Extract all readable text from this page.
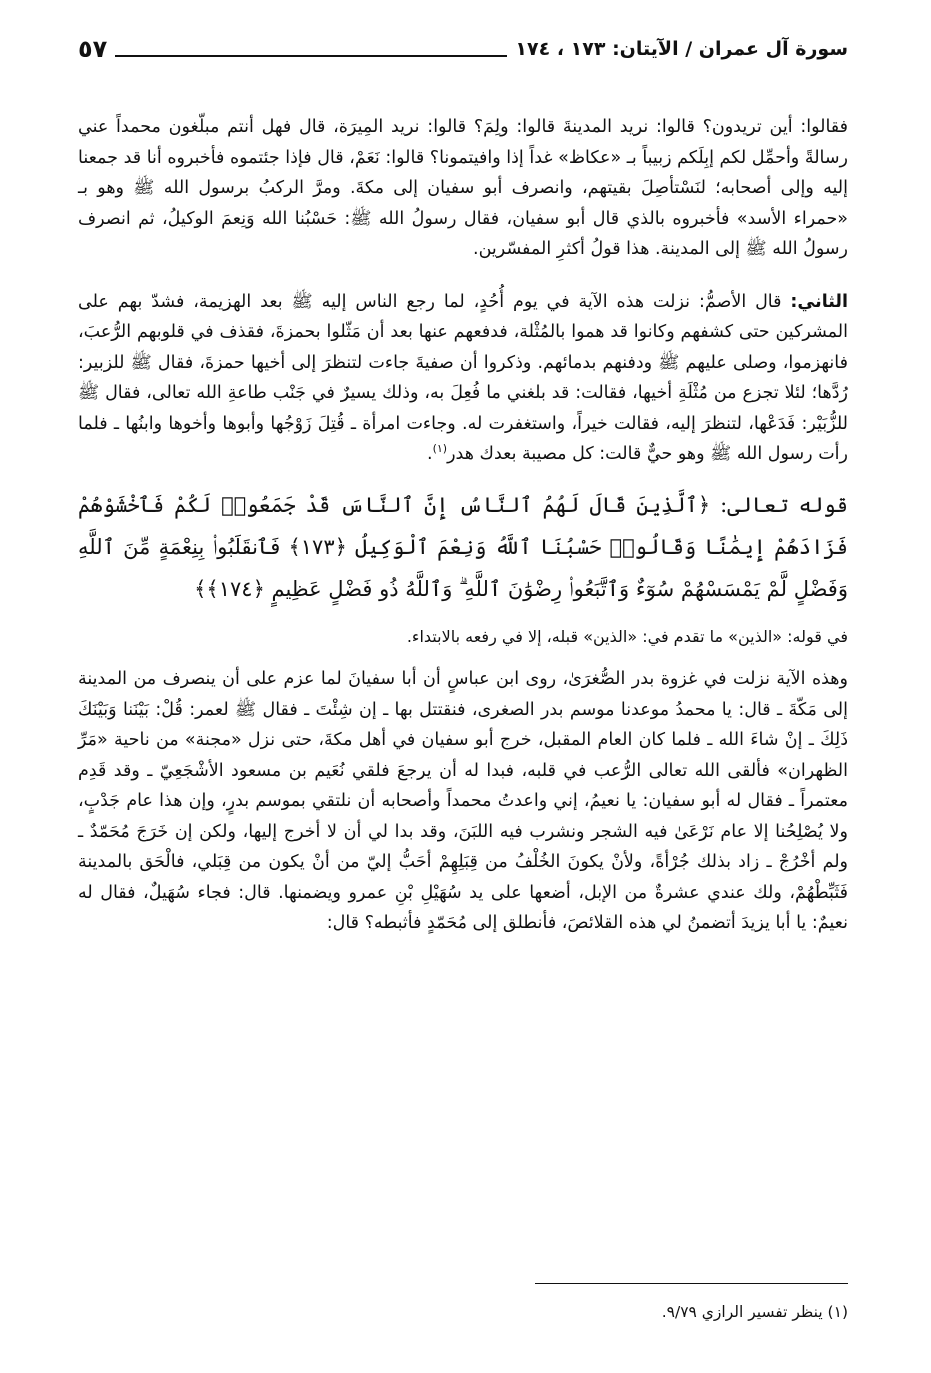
سورة آل عمران / الآيتان: ١٧٣ ، ١٧٤
٥٧

فقالوا: أين تريدون؟ قالوا: نريد المدينةَ قالوا: ولِمَ؟ قالوا: نريد المِيرَة، قال فهل أنتم مبلّغون محمداً عني رسالةً وأحمِّل لكم إبِلَكم زبيباً بـ «عكاظ» غداً إذا وافيتمونا؟ قالوا: نَعَمْ، قال فإذا جئتموه فأخبروه أنا قد جمعنا إليه وإلى أصحابه؛ لنَسْتأصِلَ بقيتهم، وانصرف أبو سفيان إلى مكةَ. ومرَّ الركبُ برسول الله ﷺ وهو بـ «حمراء الأسد» فأخبروه بالذي قال أبو سفيان، فقال رسولُ الله ﷺ: حَسْبُنا الله وَنِعمَ الوكيلُ، ثم انصرف رسولُ الله ﷺ إلى المدينة. هذا قولُ أكثرِ المفسّرين.

الثاني: قال الأصمُّ: نزلت هذه الآية في يوم أُحُدٍ، لما رجع الناس إليه ﷺ بعد الهزيمة، فشدّ بهم على المشركين حتى كشفهم وكانوا قد هموا بالمُثْلة، فدفعهم عنها بعد أن مَثّلوا بحمزةَ، فقذف في قلوبهم الرُّعبَ، فانهزموا، وصلى عليهم ﷺ ودفنهم بدمائهم. وذكروا أن صفيةَ جاءت لتنظرَ إلى أخيها حمزةَ، فقال ﷺ للزبير: رُدَّها؛ لئلا تجزع من مُثْلَةِ أخيها، فقالت: قد بلغني ما فُعِلَ به، وذلك يسيرٌ في جَنْب طاعةِ الله تعالى، فقال ﷺ للزُّبَيْر: فَدَعْها، لتنظرَ إليه، فقالت خيراً، واستغفرت له. وجاءت امرأة ـ قُتِلَ زَوْجُها وأبوها وأخوها وابنُها ـ فلما رأت رسول الله ﷺ وهو حيٌّ قالت: كل مصيبة بعدك هدر$^{(١)}$.

قوله تعالى: ﴿ٱلَّذِينَ قَالَ لَهُمُ ٱلنَّاسُ إِنَّ ٱلنَّاسَ قَدْ جَمَعُوا۟ لَكُمْ فَٱخْشَوْهُمْ فَزَادَهُمْ إِيمَٰنًا وَقَالُوا۟ حَسْبُنَا ٱللَّهُ وَنِعْمَ ٱلْوَكِيلُ ﴿١٧٣﴾ فَٱنقَلَبُوا۟ بِنِعْمَةٍ مِّنَ ٱللَّهِ وَفَضْلٍ لَّمْ يَمْسَسْهُمْ سُوٓءٌ وَٱتَّبَعُوا۟ رِضْوَٰنَ ٱللَّهِ ۗ وَٱللَّهُ ذُو فَضْلٍ عَظِيمٍ ﴿١٧٤﴾﴾

في قوله: «الذين» ما تقدم في: «الذين» قبله، إلا في رفعه بالابتداء.

وهذه الآية نزلت في غزوة بدر الصُّغرَىٰ، روى ابن عباسٍ أن أبا سفيانَ لما عزم على أن ينصرف من المدينة إلى مَكّةَ ـ قال: يا محمدُ موعدنا موسم بدر الصغرى، فنقتتل بها ـ إن شِئْتَ ـ فقال ﷺ لعمر: قُلْ: بَيْنَنا وَبَيْنَكَ ذَلِكَ ـ إنْ شاءَ الله ـ فلما كان العام المقبل، خرج أبو سفيان في أهل مكةَ، حتى نزل «مجنة» من ناحية «مَرِّ الظهران» فألقى الله تعالى الرُّعب في قلبه، فبدا له أن يرجعَ فلقي نُعَيم بن مسعود الأشْجَعِيّ ـ وقد قَدِم معتمراً ـ فقال له أبو سفيان: يا نعيمُ، إني واعدتُ محمداً وأصحابه أن نلتقي بموسم بدرٍ، وإن هذا عام جَدْبٍ، ولا يُصْلِحُنا إلا عام نَرْعَىٰ فيه الشجر ونشرب فيه اللبَنَ، وقد بدا لي أن لا أخرج إليها، ولكن إن خَرَجَ مُحَمّدٌ ـ ولم أخْرُجْ ـ زاد بذلك جُرْأةً، ولأنْ يكونَ الخُلْفُ من قِبَلِهِمْ أحَبُّ إليّ من أنْ يكون من قِبَلي، فالْحَق بالمدينة فَثَبِّطْهُمْ، ولك عندي عشرةٌ من الإبل، أضعها على يد سُهَيْلِ بْنِ عمرو ويضمنها. قال: فجاء سُهَيلٌ، فقال له نعيمٌ: يا أبا يزيدَ أتضمنُ لي هذه القلائصَ، فأنطلق إلى مُحَمّدٍ فأثبطه؟ قال:

(١) ينظر تفسير الرازي ٩/٧٩.
